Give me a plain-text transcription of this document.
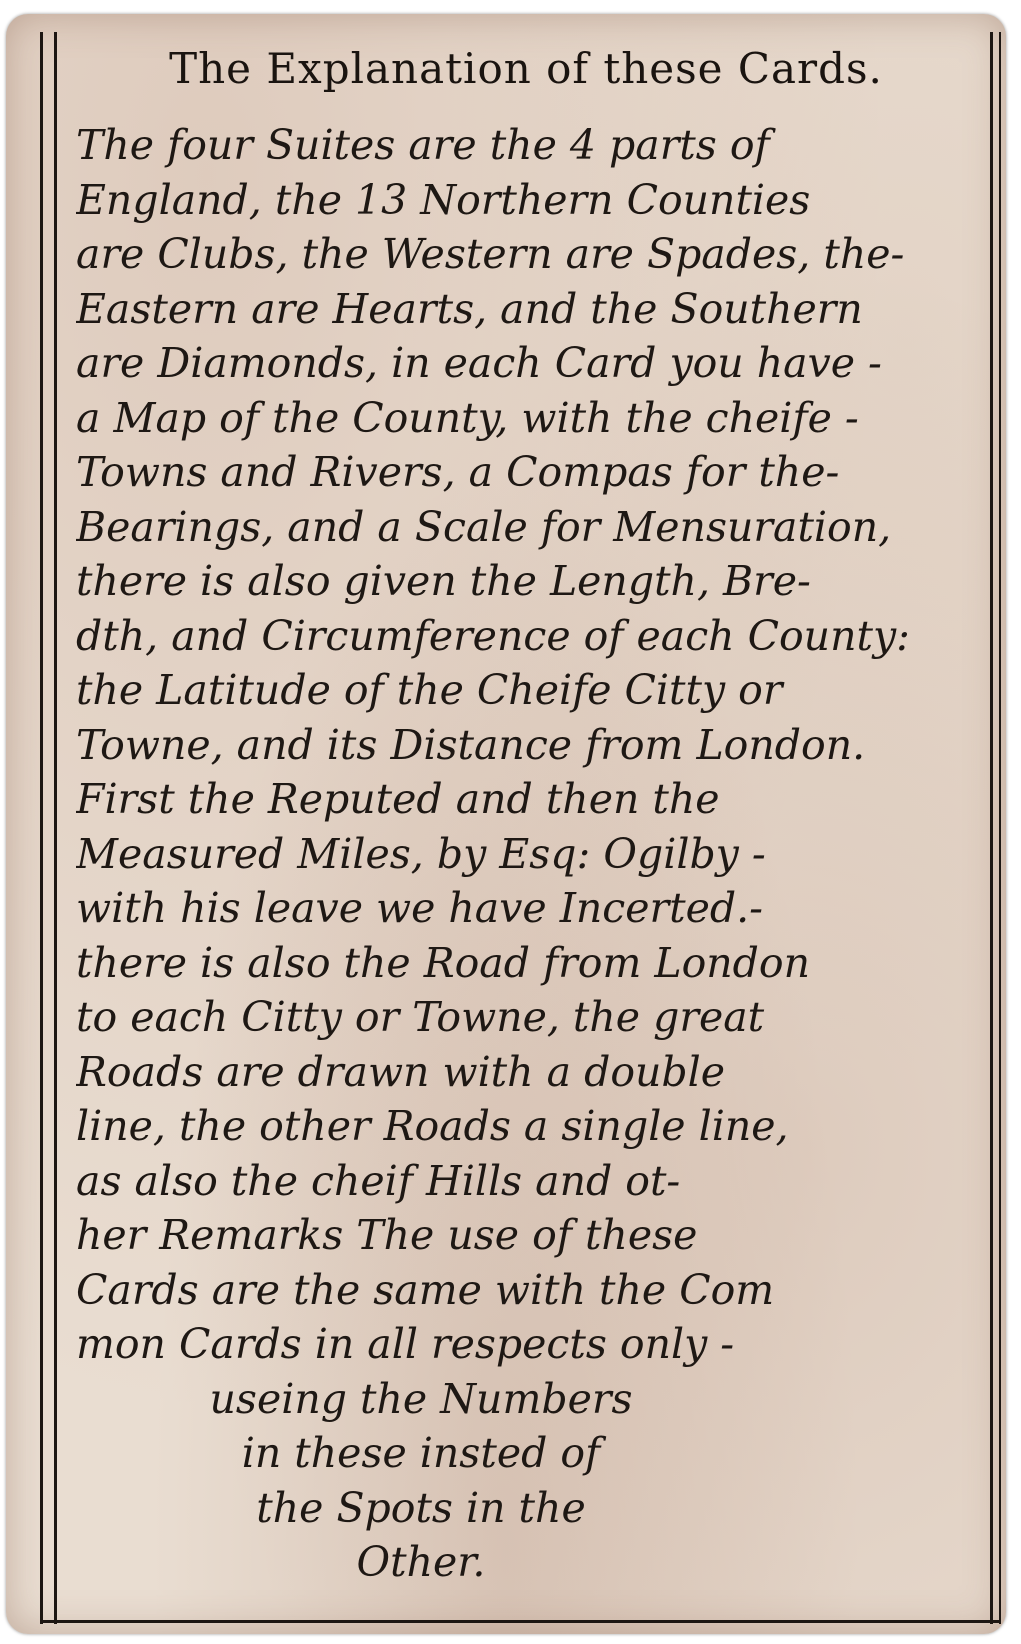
The Explanation of these Cards.
The four Suites are the 4 parts of
England, the 13 Northern Counties
are Clubs, the Western are Spades, the-
Eastern are Hearts, and the Southern
are Diamonds, in each Card you have -
a Map of the County, with the cheife -
Towns and Rivers, a Compas for the-
Bearings, and a Scale for Mensuration,
there is also given the Length, Bre-
dth, and Circumference of each County:
the Latitude of the Cheife Citty or
Towne, and its Distance from London.
First the Reputed and then the
Measured Miles, by Esq: Ogilby -
with his leave we have Incerted.-
there is also the Road from London
to each Citty or Towne, the great
Roads are drawn with a double
line, the other Roads a single line,
as also the cheif Hills and ot-
her Remarks The use of these
Cards are the same with the Com
mon Cards in all respects only -
useing the Numbers
in these insted of
the Spots in the
Other.
